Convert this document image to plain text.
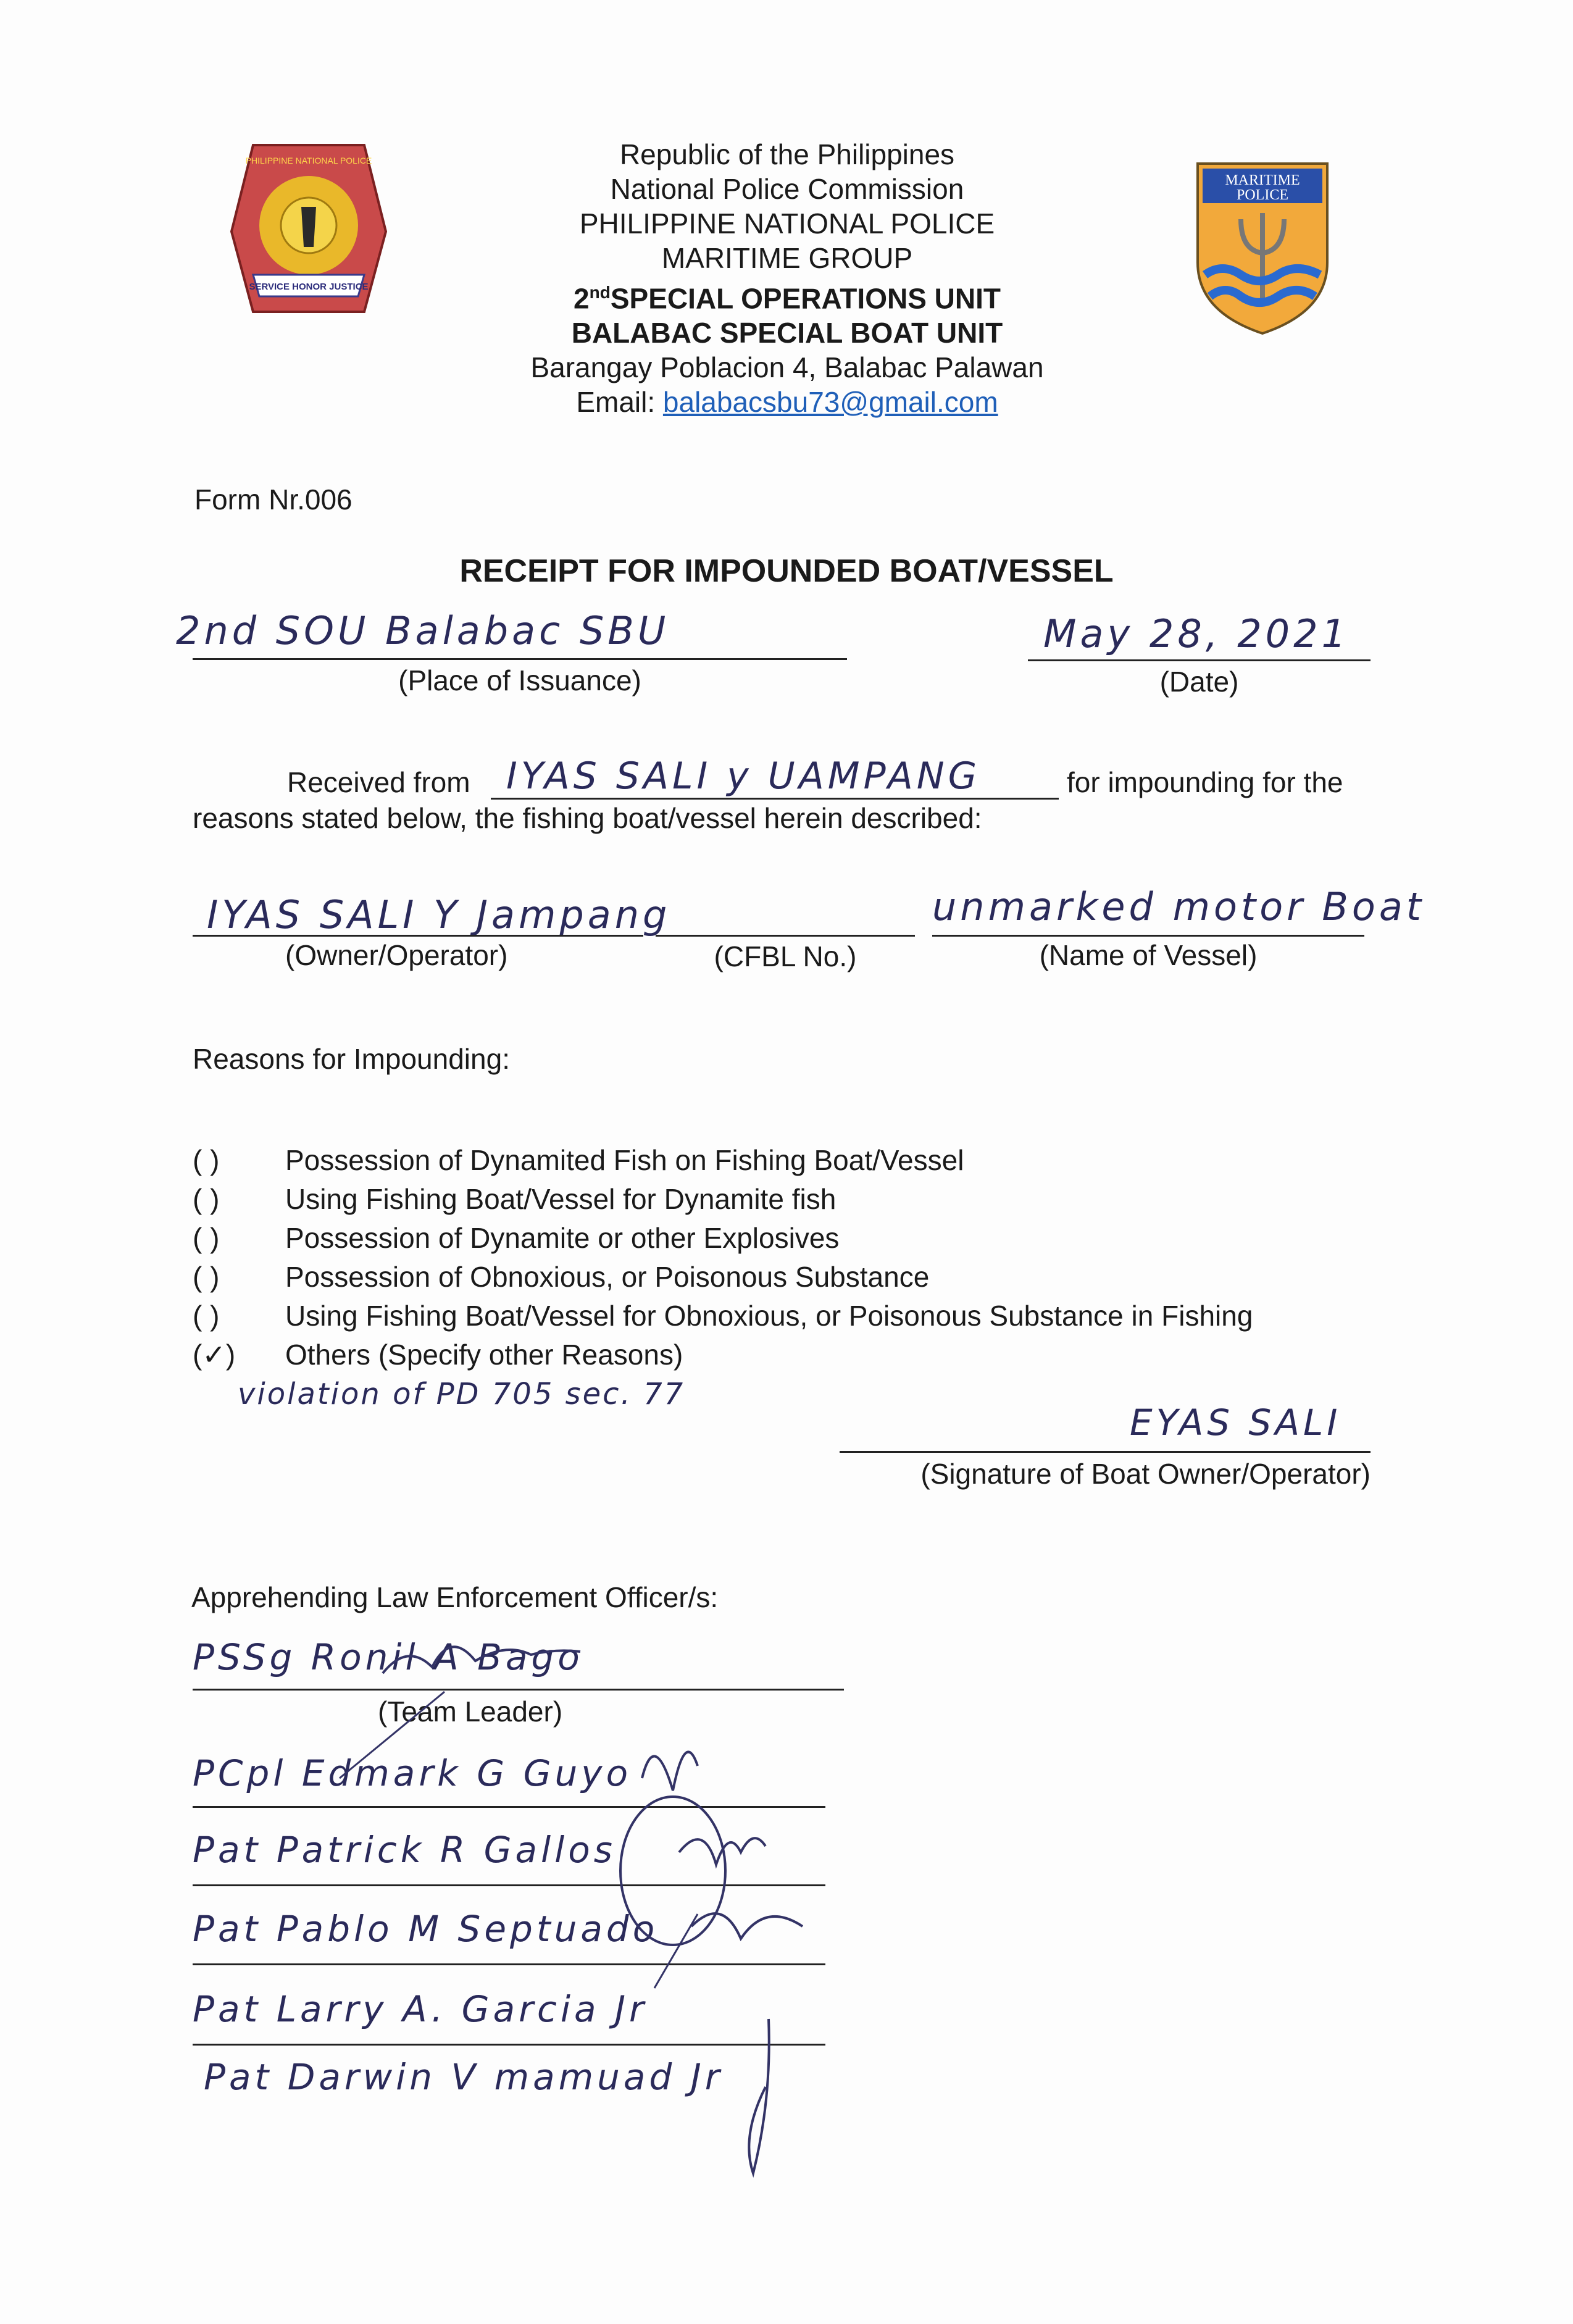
PHILIPPINE NATIONAL POLICE
SERVICE HONOR JUSTICE
MARITIME
POLICE
Republic of the Philippines
National Police Commission
PHILIPPINE NATIONAL POLICE
MARITIME GROUP
2ndSPECIAL OPERATIONS UNIT
BALABAC SPECIAL BOAT UNIT
Barangay Poblacion 4, Balabac Palawan
Email: balabacsbu73@gmail.com
Form Nr.006
RECEIPT FOR IMPOUNDED BOAT/VESSEL
2nd SOU Balabac SBU
(Place of Issuance)
May 28, 2021
(Date)
Received from IYAS SALI y UAMPANG	for impounding for the
reasons stated below, the fishing boat/vessel herein described:
IYAS SALI Y Jampang
(Owner/Operator)	(CFBL No.)
unmarked motor Boat
(Name of Vessel)
Reasons for Impounding:
( ) Possession of Dynamited Fish on Fishing Boat/Vessel
( ) Using Fishing Boat/Vessel for Dynamite fish
( ) Possession of Dynamite or other Explosives
( ) Possession of Obnoxious, or Poisonous Substance
( ) Using Fishing Boat/Vessel for Obnoxious, or Poisonous Substance in Fishing
(✓) Others (Specify other Reasons)
violation of PD 705 sec. 77
EYAS SALI
(Signature of Boat Owner/Operator)
Apprehending Law Enforcement Officer/s:
PSSg Ronil A Bago
(Team Leader)
PCpl Edmark G Guyo
Pat Patrick R Gallos
Pat Pablo M Septuado
Pat Larry A. Garcia Jr
Pat Darwin V mamuad Jr
